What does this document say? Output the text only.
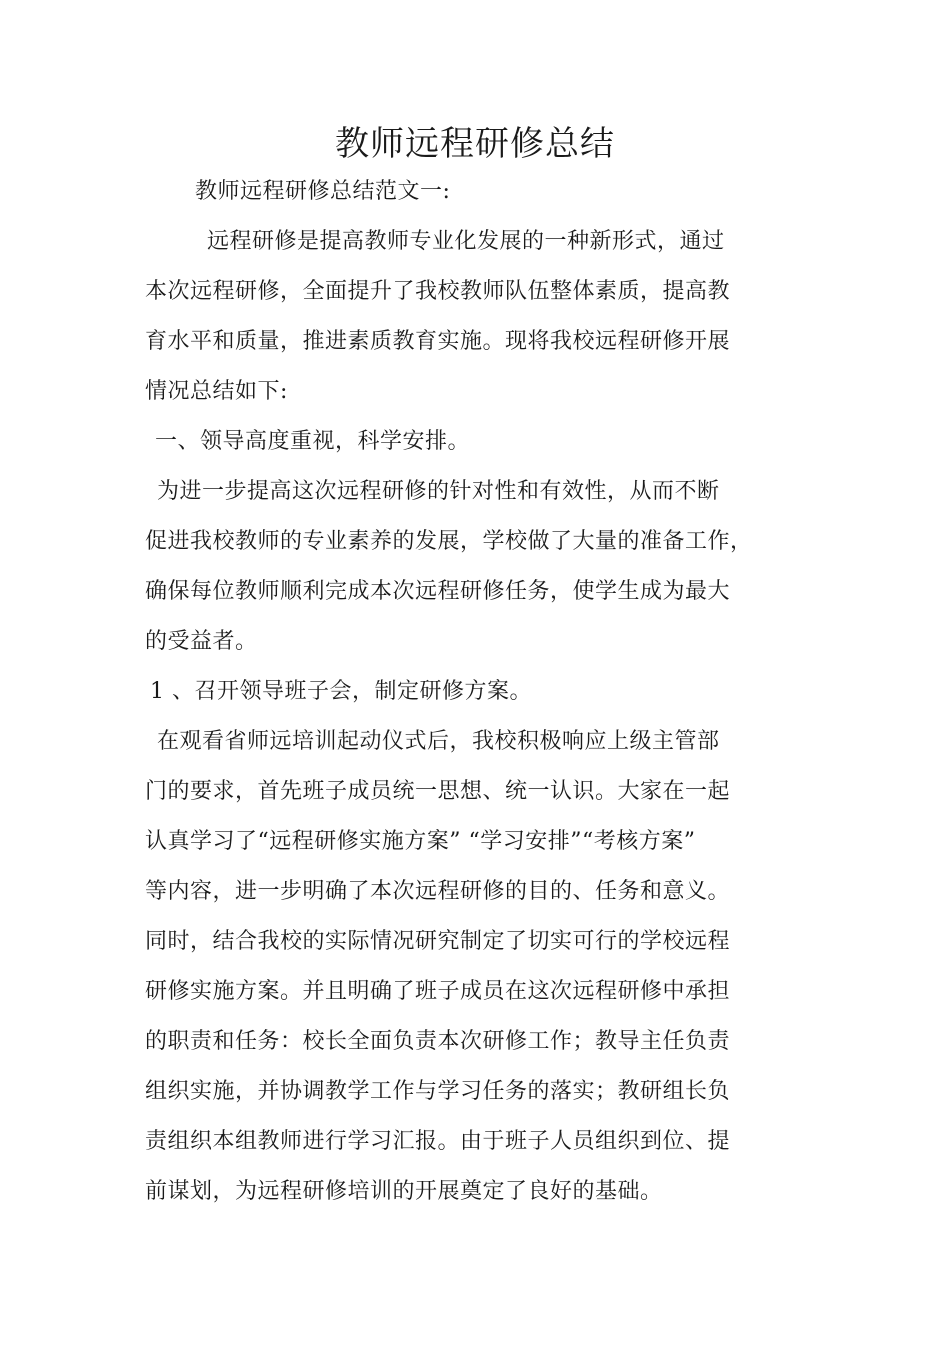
教师远程研修总结
教师远程研修总结范文一:
远程研修是提高教师专业化发展的一种新形式，通过
本次远程研修，全面提升了我校教师队伍整体素质，提高教
育水平和质量，推进素质教育实施。现将我校远程研修开展
情况总结如下:
一、领导高度重视，科学安排。
为进一步提高这次远程研修的针对性和有效性，从而不断
促进我校教师的专业素养的发展，学校做了大量的准备工作，
确保每位教师顺利完成本次远程研修任务，使学生成为最大
的受益者。
1 、召开领导班子会，制定研修方案。
在观看省师远培训起动仪式后，我校积极响应上级主管部
门的要求，首先班子成员统一思想、统一认识。大家在一起
认真学习了“远程研修实施方案” “学习安排”“考核方案”
等内容，进一步明确了本次远程研修的目的、任务和意义。
同时，结合我校的实际情况研究制定了切实可行的学校远程
研修实施方案。并且明确了班子成员在这次远程研修中承担
的职责和任务：校长全面负责本次研修工作；教导主任负责
组织实施，并协调教学工作与学习任务的落实；教研组长负
责组织本组教师进行学习汇报。由于班子人员组织到位、提
前谋划，为远程研修培训的开展奠定了良好的基础。
